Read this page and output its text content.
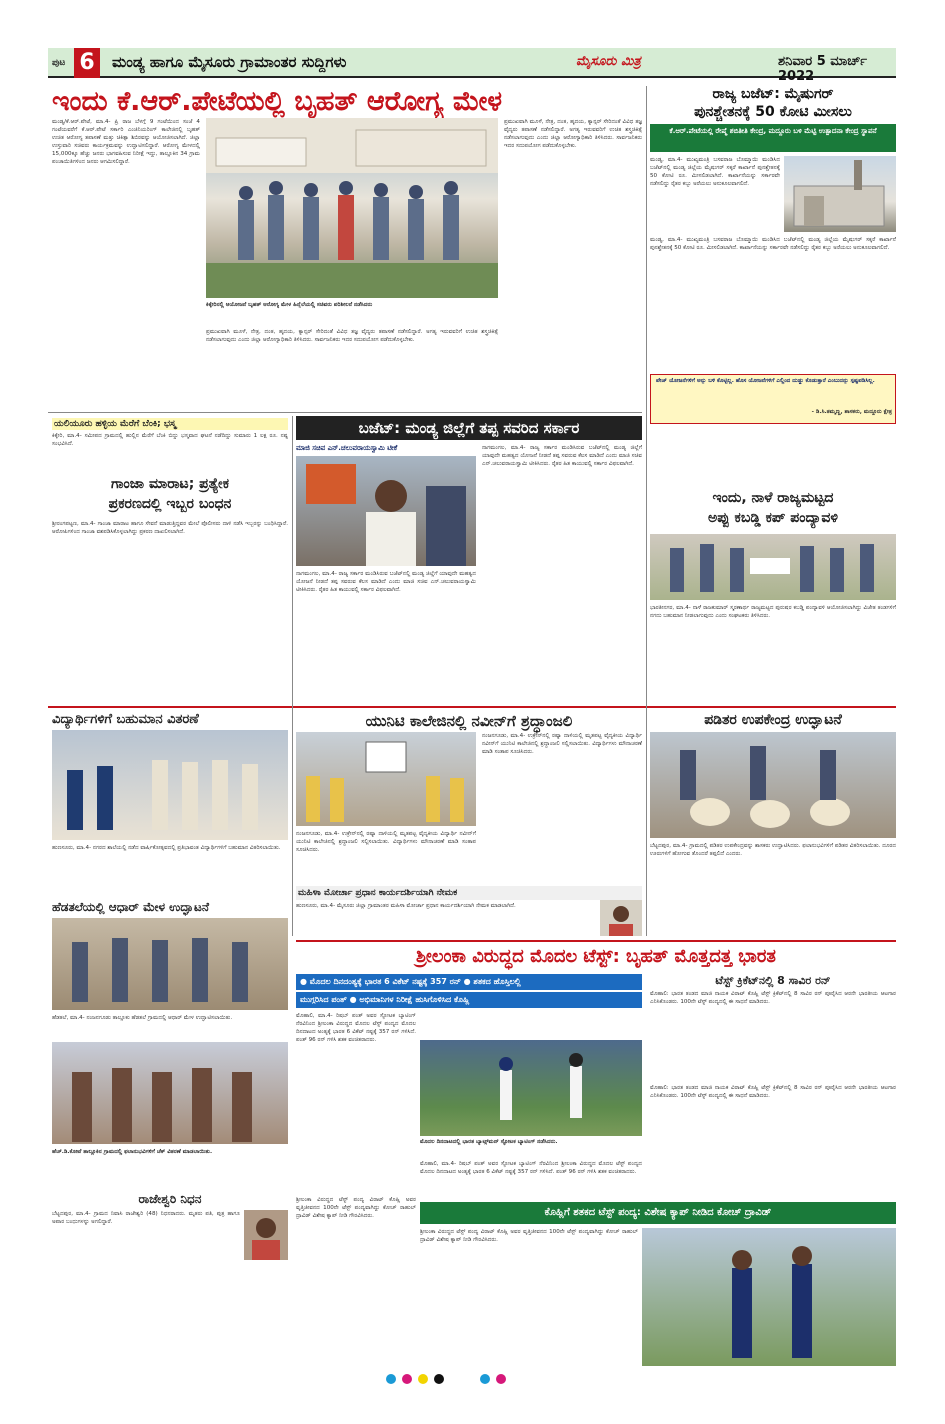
ಪುಟ 6	ಮಂಡ್ಯ ಹಾಗೂ ಮೈಸೂರು ಗ್ರಾಮಾಂತರ ಸುದ್ದಿಗಳು	ಮೈಸೂರು ಮಿತ್ರ	ಶನಿವಾರ 5 ಮಾರ್ಚ್ 2022
ಇಂದು ಕೆ.ಆರ್.ಪೇಟೆಯಲ್ಲಿ ಬೃಹತ್ ಆರೋಗ್ಯ ಮೇಳ
ಮಂಡ್ಯ/ಕೆ.ಆರ್.ಪೇಟೆ, ಮಾ.4- ಪ್ರಿ ರಾಜ ಬೆಳಗ್ಗೆ 9 ಗಂಟೆಯಿಂದ ಸಂಜೆ 4 ಗಂಟೆಯವರೆಗೆ ಕೆ.ಆರ್.ಪೇಟೆ ಸರ್ಕಾರಿ ಎಂಜಿನಿಯರಿಂಗ್ ಕಾಲೇಜಿನಲ್ಲಿ ಬೃಹತ್ ಉಚಿತ ಆರೋಗ್ಯ ತಪಾಸಣೆ ಮತ್ತು ಚಿಕಿತ್ಸಾ ಶಿಬಿರವನ್ನು ಆಯೋಜಿಸಲಾಗಿದೆ. ಜಿಲ್ಲಾ ಉಸ್ತುವಾರಿ ಸಚಿವರು ಕಾರ್ಯಕ್ರಮವನ್ನು ಉದ್ಘಾಟಿಸಲಿದ್ದಾರೆ. ಆರೋಗ್ಯ ಮೇಳದಲ್ಲಿ 15,000ಕ್ಕೂ ಹೆಚ್ಚು ಜನರು ಭಾಗವಹಿಸುವ ನಿರೀಕ್ಷೆ ಇದ್ದು, ತಾಲ್ಲೂಕಿನ 34 ಗ್ರಾಮ ಪಂಚಾಯಿತಿಗಳಿಂದ ಜನರು ಆಗಮಿಸಲಿದ್ದಾರೆ.
ಕಿಕ್ಕೇರಿನಲ್ಲಿ ಆಯೋಜನೆ ಬೃಹತ್ ಆರೋಗ್ಯ ಮೇಳ ಹಿನ್ನೆಲೆಯಲ್ಲಿ ಸಚಿವರು ಪರಿಶೀಲನೆ ನಡೆಸಿದರು
ಪ್ರಮುಖವಾಗಿ ಮೂಳೆ, ನೇತ್ರ, ದಂತ, ಹೃದಯ, ಕ್ಯಾನ್ಸರ್ ಸೇರಿದಂತೆ ವಿವಿಧ ತಜ್ಞ ವೈದ್ಯರು ತಪಾಸಣೆ ನಡೆಸಲಿದ್ದಾರೆ. ಅಗತ್ಯ ಇರುವವರಿಗೆ ಉಚಿತ ಶಸ್ತ್ರಚಿಕಿತ್ಸೆ ನಡೆಸಲಾಗುವುದು ಎಂದು ಜಿಲ್ಲಾ ಆರೋಗ್ಯಾಧಿಕಾರಿ ತಿಳಿಸಿದರು. ಸಾರ್ವಜನಿಕರು ಇದರ ಸದುಪಯೋಗ ಪಡೆದುಕೊಳ್ಳಬೇಕು.
ಪ್ರಮುಖವಾಗಿ ಮೂಳೆ, ನೇತ್ರ, ದಂತ, ಹೃದಯ, ಕ್ಯಾನ್ಸರ್ ಸೇರಿದಂತೆ ವಿವಿಧ ತಜ್ಞ ವೈದ್ಯರು ತಪಾಸಣೆ ನಡೆಸಲಿದ್ದಾರೆ. ಅಗತ್ಯ ಇರುವವರಿಗೆ ಉಚಿತ ಶಸ್ತ್ರಚಿಕಿತ್ಸೆ ನಡೆಸಲಾಗುವುದು ಎಂದು ಜಿಲ್ಲಾ ಆರೋಗ್ಯಾಧಿಕಾರಿ ತಿಳಿಸಿದರು. ಸಾರ್ವಜನಿಕರು ಇದರ ಸದುಪಯೋಗ ಪಡೆದುಕೊಳ್ಳಬೇಕು.
ರಾಜ್ಯ ಬಜೆಟ್: ಮೈಷುಗರ್
ಪುನಶ್ಚೇತನಕ್ಕೆ 50 ಕೋಟಿ ಮೀಸಲು
ಕೆ.ಆರ್.ಪೇಟೆಯಲ್ಲಿ ರೇಷ್ಮೆ ಶಬಿತೀತಿ ಕೇಂದ್ರ, ಮದ್ದೂರು ಬಳಿ ಮೆಟ್ಟಿ ಉತ್ಪಾದನಾ ಕೇಂದ್ರ ಸ್ಥಾಪನೆ
ಮಂಡ್ಯ, ಮಾ.4- ಮುಖ್ಯಮಂತ್ರಿ ಬಸವರಾಜ ಬೊಮ್ಮಾಯಿ ಮಂಡಿಸಿದ ಬಜೆಟ್‌ನಲ್ಲಿ ಮಂಡ್ಯ ಜಿಲ್ಲೆಯ ಮೈಷುಗರ್ ಸಕ್ಕರೆ ಕಾರ್ಖಾನೆ ಪುನಶ್ಚೇತನಕ್ಕೆ 50 ಕೋಟಿ ರೂ. ಮೀಸಲಿಡಲಾಗಿದೆ. ಕಾರ್ಖಾನೆಯನ್ನು ಸರ್ಕಾರವೇ ನಡೆಸಲಿದ್ದು ರೈತರ ಕಬ್ಬು ಅರೆಯಲು ಅನುಕೂಲವಾಗಲಿದೆ.
ಮಂಡ್ಯ, ಮಾ.4- ಮುಖ್ಯಮಂತ್ರಿ ಬಸವರಾಜ ಬೊಮ್ಮಾಯಿ ಮಂಡಿಸಿದ ಬಜೆಟ್‌ನಲ್ಲಿ ಮಂಡ್ಯ ಜಿಲ್ಲೆಯ ಮೈಷುಗರ್ ಸಕ್ಕರೆ ಕಾರ್ಖಾನೆ ಪುನಶ್ಚೇತನಕ್ಕೆ 50 ಕೋಟಿ ರೂ. ಮೀಸಲಿಡಲಾಗಿದೆ. ಕಾರ್ಖಾನೆಯನ್ನು ಸರ್ಕಾರವೇ ನಡೆಸಲಿದ್ದು ರೈತರ ಕಬ್ಬು ಅರೆಯಲು ಅನುಕೂಲವಾಗಲಿದೆ.
ಪೇಜ್ ಯೋಜನೆಗಳಿಗೆ ಅನ್ನು ಬಳಿ ಕೊಟ್ಟಿಲ್ಲ. ಹೊಸ ಯೋಜನೆಗಳಿಗೆ ಎಲ್ಲಿಂದ ದುಡ್ಡು ಕೊಡುತ್ತಾರೆ ಎಂಬುದನ್ನು ಸ್ಪಷ್ಟಪಡಿಸಿಲ್ಲ.
- ಡಿ.ಸಿ.ತಮ್ಮಣ್ಣ, ಶಾಸಕರು, ಮದ್ದೂರು ಕ್ಷೇತ್ರ
ಇಂದು, ನಾಳೆ ರಾಜ್ಯಮಟ್ಟದ
ಅಪ್ಪು ಕಬಡ್ಡಿ ಕಪ್ ಪಂದ್ಯಾವಳಿ
ಭಾರತೀನಗರ, ಮಾ.4- ನಾಳೆ ರಾಜಕುಮಾರ್ ಸ್ಮರಣಾರ್ಥ ರಾಜ್ಯಮಟ್ಟದ ಪುರುಷರ ಕಬಡ್ಡಿ ಪಂದ್ಯಾವಳಿ ಆಯೋಜಿಸಲಾಗಿದ್ದು ವಿಜೇತ ತಂಡಗಳಿಗೆ ನಗದು ಬಹುಮಾನ ನೀಡಲಾಗುವುದು ಎಂದು ಸಂಘಟಕರು ತಿಳಿಸಿದರು.
ಯಲಿಯೂರು ಹಳ್ಳಿಯ ಮೆರೆಗೆ ಬೆಂಕಿ; ಭಸ್ಮ
ಕಿಕ್ಕೇರಿ, ಮಾ.4- ಸಮೀಪದ ಗ್ರಾಮದಲ್ಲಿ ಹುಲ್ಲಿನ ಮೆರೆಗೆ ಬೆಂಕಿ ಬಿದ್ದು ಭಸ್ಮವಾದ ಘಟನೆ ನಡೆದಿದ್ದು ಸುಮಾರು 1 ಲಕ್ಷ ರೂ. ನಷ್ಟ ಸಂಭವಿಸಿದೆ.
ಗಾಂಜಾ ಮಾರಾಟ; ಪ್ರತ್ಯೇಕ
ಪ್ರಕರಣದಲ್ಲಿ ಇಬ್ಬರ ಬಂಧನ
ಶ್ರೀರಂಗಪಟ್ಟಣ, ಮಾ.4- ಗಾಂಜಾ ಮಾರಾಟ ಹಾಗೂ ಸೇವನೆ ಮಾಡುತ್ತಿದ್ದವರ ಮೇಲೆ ಪೊಲೀಸರು ದಾಳಿ ನಡೆಸಿ ಇಬ್ಬರನ್ನು ಬಂಧಿಸಿದ್ದಾರೆ. ಆರೋಪಿಗಳಿಂದ ಗಾಂಜಾ ವಶಪಡಿಸಿಕೊಳ್ಳಲಾಗಿದ್ದು ಪ್ರಕರಣ ದಾಖಲಿಸಲಾಗಿದೆ.
ಬಜೆಟ್: ಮಂಡ್ಯ ಜಿಲ್ಲೆಗೆ ತಪ್ಪ ಸವರಿದ ಸರ್ಕಾರ
ಮಾಜಿ ಸಚಿವ ಎನ್.ಚಲುವರಾಯಸ್ವಾಮಿ ಟೀಕೆ
ನಾಗಮಂಗಲ, ಮಾ.4- ರಾಜ್ಯ ಸರ್ಕಾರ ಮಂಡಿಸಿರುವ ಬಜೆಟ್‌ನಲ್ಲಿ ಮಂಡ್ಯ ಜಿಲ್ಲೆಗೆ ಯಾವುದೇ ಮಹತ್ವದ ಯೋಜನೆ ನೀಡದೆ ತಪ್ಪ ಸವರುವ ಕೆಲಸ ಮಾಡಿದೆ ಎಂದು ಮಾಜಿ ಸಚಿವ ಎನ್.ಚಲುವರಾಯಸ್ವಾಮಿ ಟೀಕಿಸಿದರು. ರೈತರ ಹಿತ ಕಾಯುವಲ್ಲಿ ಸರ್ಕಾರ ವಿಫಲವಾಗಿದೆ.
ನಾಗಮಂಗಲ, ಮಾ.4- ರಾಜ್ಯ ಸರ್ಕಾರ ಮಂಡಿಸಿರುವ ಬಜೆಟ್‌ನಲ್ಲಿ ಮಂಡ್ಯ ಜಿಲ್ಲೆಗೆ ಯಾವುದೇ ಮಹತ್ವದ ಯೋಜನೆ ನೀಡದೆ ತಪ್ಪ ಸವರುವ ಕೆಲಸ ಮಾಡಿದೆ ಎಂದು ಮಾಜಿ ಸಚಿವ ಎನ್.ಚಲುವರಾಯಸ್ವಾಮಿ ಟೀಕಿಸಿದರು. ರೈತರ ಹಿತ ಕಾಯುವಲ್ಲಿ ಸರ್ಕಾರ ವಿಫಲವಾಗಿದೆ.
ವಿದ್ಯಾರ್ಥಿಗಳಿಗೆ ಬಹುಮಾನ ವಿತರಣೆ
ಹುಣಸೂರು, ಮಾ.4- ನಗರದ ಶಾಲೆಯಲ್ಲಿ ನಡೆದ ವಾರ್ಷಿಕೋತ್ಸವದಲ್ಲಿ ಪ್ರತಿಭಾವಂತ ವಿದ್ಯಾರ್ಥಿಗಳಿಗೆ ಬಹುಮಾನ ವಿತರಿಸಲಾಯಿತು.
ಹೆಡತಲೆಯಲ್ಲಿ ಆಧಾರ್ ಮೇಳ ಉದ್ಘಾಟನೆ
ಹೆಡತಲೆ, ಮಾ.4- ನಂಜನಗೂಡು ತಾಲ್ಲೂಕು ಹೆಡತಲೆ ಗ್ರಾಮದಲ್ಲಿ ಆಧಾರ್ ಮೇಳ ಉದ್ಘಾಟಿಸಲಾಯಿತು.
ಹೆಚ್.ಡಿ.ಕೋಟೆ ತಾಲ್ಲೂಕಿನ ಗ್ರಾಮದಲ್ಲಿ ಫಲಾನುಭವಿಗಳಿಗೆ ಚೆಕ್ ವಿತರಣೆ ಮಾಡಲಾಯಿತು.
ರಾಜೇಶ್ವರಿ ನಿಧನ
ಬೆಟ್ಟದಪುರ, ಮಾ.4- ಗ್ರಾಮದ ನಿವಾಸಿ ರಾಜೇಶ್ವರಿ (48) ನಿಧನರಾದರು. ಮೃತರು ಪತಿ, ಪುತ್ರ ಹಾಗೂ ಅಪಾರ ಬಂಧುಗಳನ್ನು ಅಗಲಿದ್ದಾರೆ.
ಯುನಿಟಿ ಕಾಲೇಜಿನಲ್ಲಿ ನವೀನ್‌ಗೆ ಶ್ರದ್ಧಾಂಜಲಿ
ನಂಜನಗೂಡು, ಮಾ.4- ಉಕ್ರೇನ್‌ನಲ್ಲಿ ರಷ್ಯಾ ದಾಳಿಯಲ್ಲಿ ಮೃತಪಟ್ಟ ವೈದ್ಯಕೀಯ ವಿದ್ಯಾರ್ಥಿ ನವೀನ್‌ಗೆ ಯುನಿಟಿ ಕಾಲೇಜಿನಲ್ಲಿ ಶ್ರದ್ಧಾಂಜಲಿ ಸಲ್ಲಿಸಲಾಯಿತು. ವಿದ್ಯಾರ್ಥಿಗಳು ಮೌನಾಚರಣೆ ಮಾಡಿ ಸಂತಾಪ ಸೂಚಿಸಿದರು.
ನಂಜನಗೂಡು, ಮಾ.4- ಉಕ್ರೇನ್‌ನಲ್ಲಿ ರಷ್ಯಾ ದಾಳಿಯಲ್ಲಿ ಮೃತಪಟ್ಟ ವೈದ್ಯಕೀಯ ವಿದ್ಯಾರ್ಥಿ ನವೀನ್‌ಗೆ ಯುನಿಟಿ ಕಾಲೇಜಿನಲ್ಲಿ ಶ್ರದ್ಧಾಂಜಲಿ ಸಲ್ಲಿಸಲಾಯಿತು. ವಿದ್ಯಾರ್ಥಿಗಳು ಮೌನಾಚರಣೆ ಮಾಡಿ ಸಂತಾಪ ಸೂಚಿಸಿದರು.
ಮಹಿಳಾ ಮೋರ್ಚಾ ಪ್ರಧಾನ ಕಾರ್ಯದರ್ಶಿಯಾಗಿ ನೇಮಕ
ಹುಣಸೂರು, ಮಾ.4- ಮೈಸೂರು ಜಿಲ್ಲಾ ಗ್ರಾಮಾಂತರ ಮಹಿಳಾ ಮೋರ್ಚಾ ಪ್ರಧಾನ ಕಾರ್ಯದರ್ಶಿಯಾಗಿ ನೇಮಕ ಮಾಡಲಾಗಿದೆ.
ಪಡಿತರ ಉಪಕೇಂದ್ರ ಉದ್ಘಾಟನೆ
ಬೆಟ್ಟದಪುರ, ಮಾ.4- ಗ್ರಾಮದಲ್ಲಿ ಪಡಿತರ ಉಪಕೇಂದ್ರವನ್ನು ಶಾಸಕರು ಉದ್ಘಾಟಿಸಿದರು. ಫಲಾನುಭವಿಗಳಿಗೆ ಪಡಿತರ ವಿತರಿಸಲಾಯಿತು. ದೂರದ ಊರುಗಳಿಗೆ ಹೋಗುವ ತೊಂದರೆ ತಪ್ಪಲಿದೆ ಎಂದರು.
ಶ್ರೀಲಂಕಾ ವಿರುದ್ಧದ ಮೊದಲ ಟೆಸ್ಟ್: ಬೃಹತ್ ಮೊತ್ತದತ್ತ ಭಾರತ
● ಮೊದಲ ದಿನದಂತ್ಯಕ್ಕೆ ಭಾರತ 6 ವಿಕೆಟ್ ನಷ್ಟಕ್ಕೆ 357 ರನ್ ● ಶತಕದ ಹೊಸ್ತಿಲಲ್ಲಿ
ಮುಗ್ಗರಿಸಿದ ಪಂತ್ ● ಅಭಿಮಾನಿಗಳ ನಿರೀಕ್ಷೆ ಹುಸಿಗೊಳಿಸಿದ ಕೊಹ್ಲಿ
ಮೊಹಾಲಿ, ಮಾ.4- ರಿಷಬ್ ಪಂತ್ ಅವರ ಸ್ಫೋಟಕ ಬ್ಯಾಟಿಂಗ್ ನೆರವಿನಿಂದ ಶ್ರೀಲಂಕಾ ವಿರುದ್ಧದ ಮೊದಲ ಟೆಸ್ಟ್ ಪಂದ್ಯದ ಮೊದಲ ದಿನದಾಟದ ಅಂತ್ಯಕ್ಕೆ ಭಾರತ 6 ವಿಕೆಟ್ ನಷ್ಟಕ್ಕೆ 357 ರನ್ ಗಳಿಸಿದೆ. ಪಂತ್ 96 ರನ್ ಗಳಿಸಿ ಶತಕ ವಂಚಿತರಾದರು.
ಮೊದಲ ದಿನದಾಟದಲ್ಲಿ ಭಾರತ ಬ್ಯಾಟ್ಸ್‌ಮನ್ ಸ್ಫೋಟಕ ಬ್ಯಾಟಿಂಗ್ ನಡೆಸಿದರು.
ಮೊಹಾಲಿ, ಮಾ.4- ರಿಷಬ್ ಪಂತ್ ಅವರ ಸ್ಫೋಟಕ ಬ್ಯಾಟಿಂಗ್ ನೆರವಿನಿಂದ ಶ್ರೀಲಂಕಾ ವಿರುದ್ಧದ ಮೊದಲ ಟೆಸ್ಟ್ ಪಂದ್ಯದ ಮೊದಲ ದಿನದಾಟದ ಅಂತ್ಯಕ್ಕೆ ಭಾರತ 6 ವಿಕೆಟ್ ನಷ್ಟಕ್ಕೆ 357 ರನ್ ಗಳಿಸಿದೆ. ಪಂತ್ 96 ರನ್ ಗಳಿಸಿ ಶತಕ ವಂಚಿತರಾದರು.
ಟೆಸ್ಟ್ ಕ್ರಿಕೆಟ್‌ನಲ್ಲಿ 8 ಸಾವಿರ ರನ್
ಮೊಹಾಲಿ: ಭಾರತ ತಂಡದ ಮಾಜಿ ನಾಯಕ ವಿರಾಟ್ ಕೊಹ್ಲಿ ಟೆಸ್ಟ್ ಕ್ರಿಕೆಟ್‌ನಲ್ಲಿ 8 ಸಾವಿರ ರನ್ ಪೂರೈಸಿದ ಆರನೇ ಭಾರತೀಯ ಆಟಗಾರ ಎನಿಸಿಕೊಂಡರು. 100ನೇ ಟೆಸ್ಟ್ ಪಂದ್ಯದಲ್ಲಿ ಈ ಸಾಧನೆ ಮಾಡಿದರು.
ಮೊಹಾಲಿ: ಭಾರತ ತಂಡದ ಮಾಜಿ ನಾಯಕ ವಿರಾಟ್ ಕೊಹ್ಲಿ ಟೆಸ್ಟ್ ಕ್ರಿಕೆಟ್‌ನಲ್ಲಿ 8 ಸಾವಿರ ರನ್ ಪೂರೈಸಿದ ಆರನೇ ಭಾರತೀಯ ಆಟಗಾರ ಎನಿಸಿಕೊಂಡರು. 100ನೇ ಟೆಸ್ಟ್ ಪಂದ್ಯದಲ್ಲಿ ಈ ಸಾಧನೆ ಮಾಡಿದರು.
ಕೊಹ್ಲಿಗೆ ಶತಕದ ಟೆಸ್ಟ್ ಪಂದ್ಯ: ವಿಶೇಷ ಕ್ಯಾಪ್ ನೀಡಿದ ಕೋಚ್ ದ್ರಾವಿಡ್
ಶ್ರೀಲಂಕಾ ವಿರುದ್ಧದ ಟೆಸ್ಟ್ ಪಂದ್ಯ ವಿರಾಟ್ ಕೊಹ್ಲಿ ಅವರ ವೃತ್ತಿಜೀವನದ 100ನೇ ಟೆಸ್ಟ್ ಪಂದ್ಯವಾಗಿದ್ದು ಕೋಚ್ ರಾಹುಲ್ ದ್ರಾವಿಡ್ ವಿಶೇಷ ಕ್ಯಾಪ್ ನೀಡಿ ಗೌರವಿಸಿದರು.
ಶ್ರೀಲಂಕಾ ವಿರುದ್ಧದ ಟೆಸ್ಟ್ ಪಂದ್ಯ ವಿರಾಟ್ ಕೊಹ್ಲಿ ಅವರ ವೃತ್ತಿಜೀವನದ 100ನೇ ಟೆಸ್ಟ್ ಪಂದ್ಯವಾಗಿದ್ದು ಕೋಚ್ ರಾಹುಲ್ ದ್ರಾವಿಡ್ ವಿಶೇಷ ಕ್ಯಾಪ್ ನೀಡಿ ಗೌರವಿಸಿದರು.
